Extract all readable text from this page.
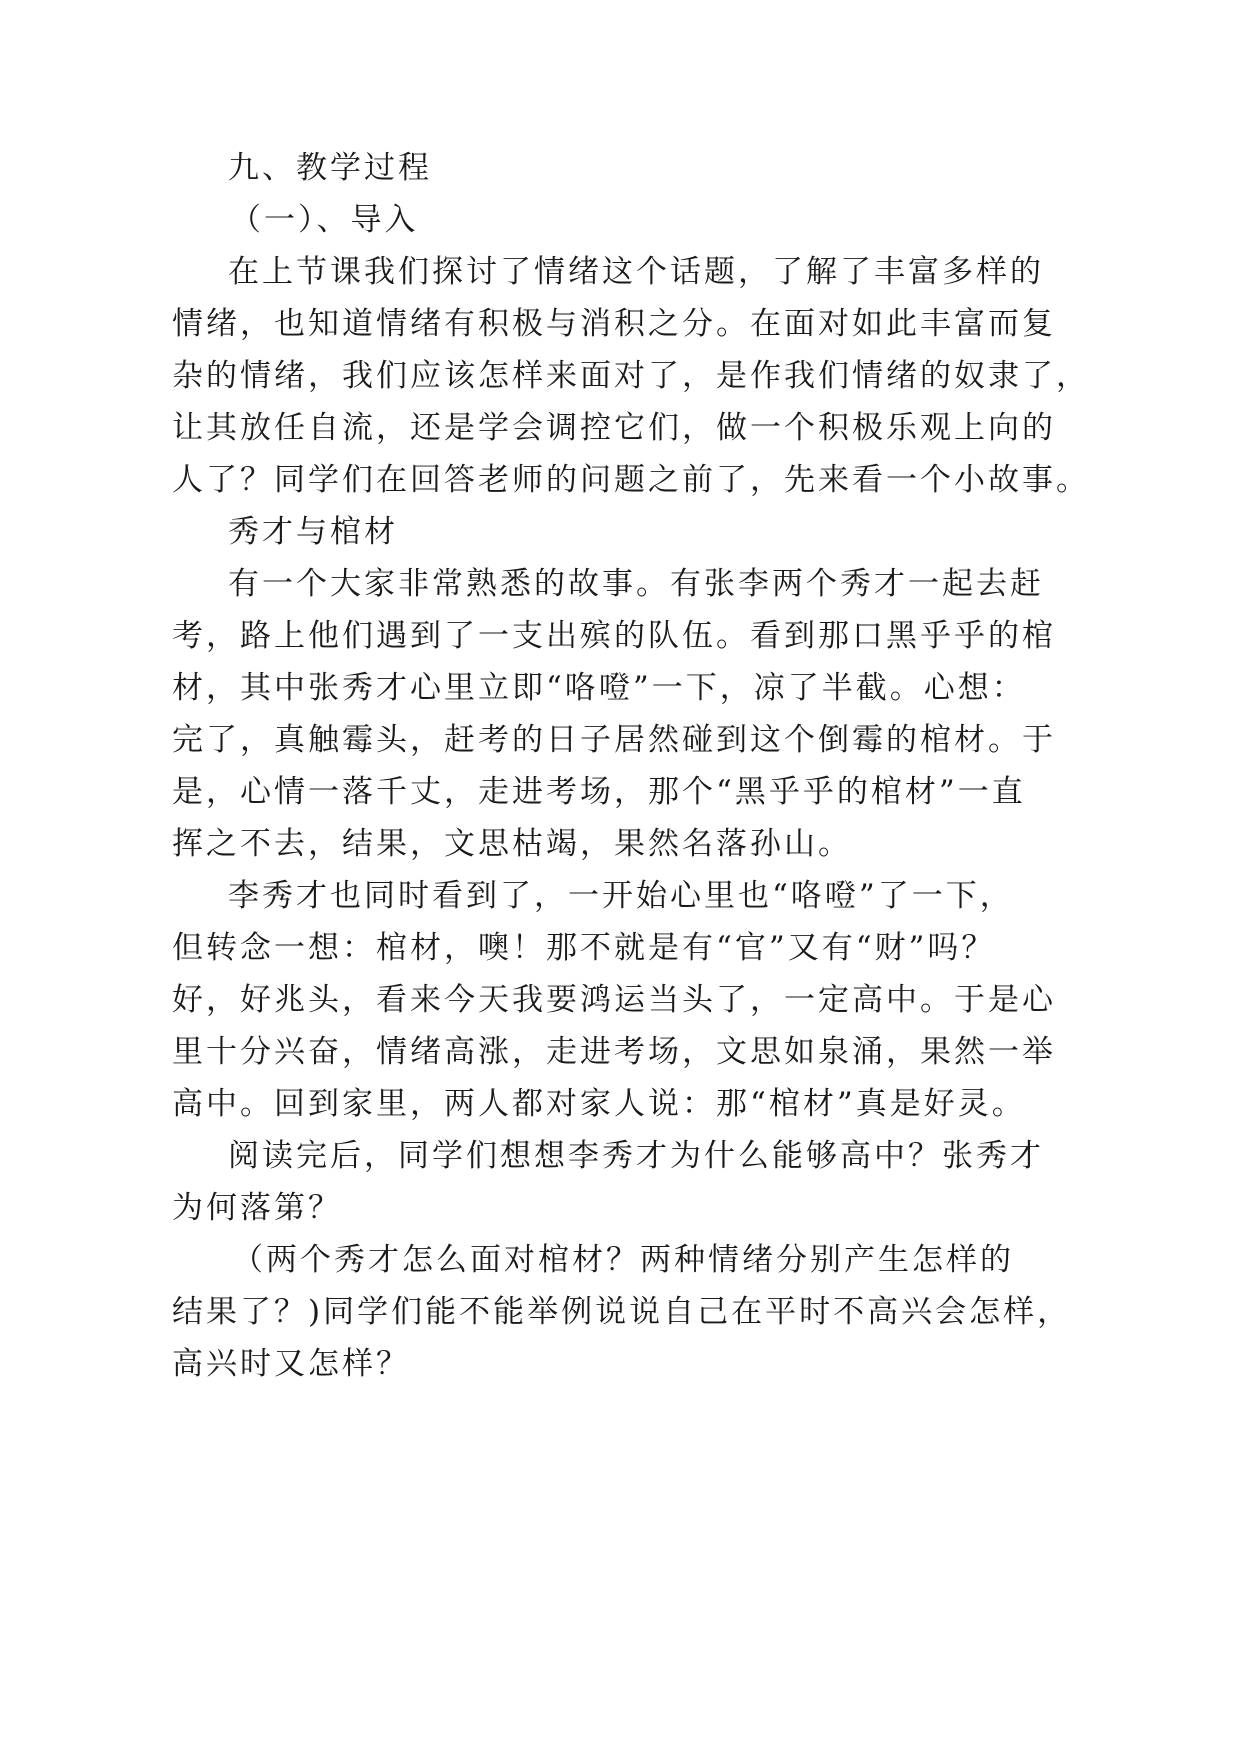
九、教学过程
（一）、导入
在上节课我们探讨了情绪这个话题，了解了丰富多样的
情绪，也知道情绪有积极与消积之分。在面对如此丰富而复
杂的情绪，我们应该怎样来面对了，是作我们情绪的奴隶了，
让其放任自流，还是学会调控它们，做一个积极乐观上向的
人了？同学们在回答老师的问题之前了，先来看一个小故事。
秀才与棺材
有一个大家非常熟悉的故事。有张李两个秀才一起去赶
考，路上他们遇到了一支出殡的队伍。看到那口黑乎乎的棺
材，其中张秀才心里立即“咯噔”一下，凉了半截。心想：
完了，真触霉头，赶考的日子居然碰到这个倒霉的棺材。于
是，心情一落千丈，走进考场，那个“黑乎乎的棺材”一直
挥之不去，结果，文思枯竭，果然名落孙山。
李秀才也同时看到了，一开始心里也“咯噔”了一下，
但转念一想：棺材，噢！那不就是有“官”又有“财”吗？
好，好兆头，看来今天我要鸿运当头了，一定高中。于是心
里十分兴奋，情绪高涨，走进考场，文思如泉涌，果然一举
高中。回到家里，两人都对家人说：那“棺材”真是好灵。
阅读完后，同学们想想李秀才为什么能够高中？张秀才
为何落第？
（两个秀才怎么面对棺材？两种情绪分别产生怎样的
结果了？)同学们能不能举例说说自己在平时不高兴会怎样，
高兴时又怎样？
